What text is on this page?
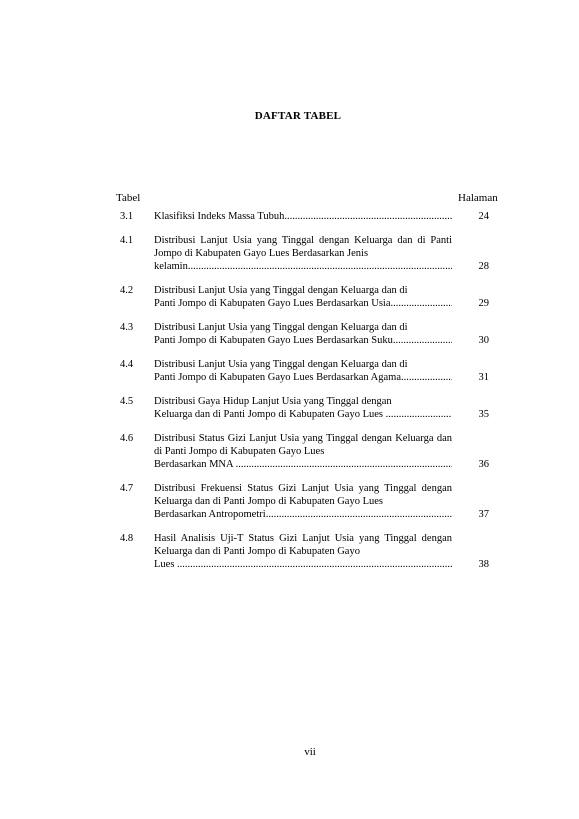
DAFTAR TABEL
Tabel	Halaman
3.1	Klasifiksi Indeks Massa Tubuh .....	24
4.1	Distribusi Lanjut Usia yang Tinggal dengan Keluarga dan di Panti Jompo di Kabupaten Gayo Lues Berdasarkan Jenis
kelamin .....	28
4.2	Distribusi Lanjut Usia yang Tinggal dengan Keluarga dan di
Panti Jompo di Kabupaten Gayo Lues Berdasarkan Usia. .....	29
4.3	Distribusi Lanjut Usia yang Tinggal dengan Keluarga dan di
Panti Jompo di Kabupaten Gayo Lues Berdasarkan Suku. .....	30
4.4	Distribusi Lanjut Usia yang Tinggal dengan Keluarga dan di
Panti Jompo di Kabupaten Gayo Lues Berdasarkan Agama .....	31
4.5	Distribusi Gaya Hidup Lanjut Usia yang Tinggal dengan
Keluarga dan di Panti Jompo di Kabupaten Gayo Lues . .....	35
4.6	Distribusi Status Gizi Lanjut Usia yang Tinggal dengan Keluarga dan di Panti Jompo di Kabupaten Gayo Lues
Berdasarkan MNA . .....	36
4.7	Distribusi Frekuensi Status Gizi Lanjut Usia yang Tinggal dengan Keluarga dan di Panti Jompo di Kabupaten Gayo Lues
Berdasarkan Antropometri .....	37
4.8	Hasil Analisis Uji-T Status Gizi Lanjut Usia yang Tinggal dengan Keluarga dan di Panti Jompo di Kabupaten Gayo
Lues . .....	38
vii
